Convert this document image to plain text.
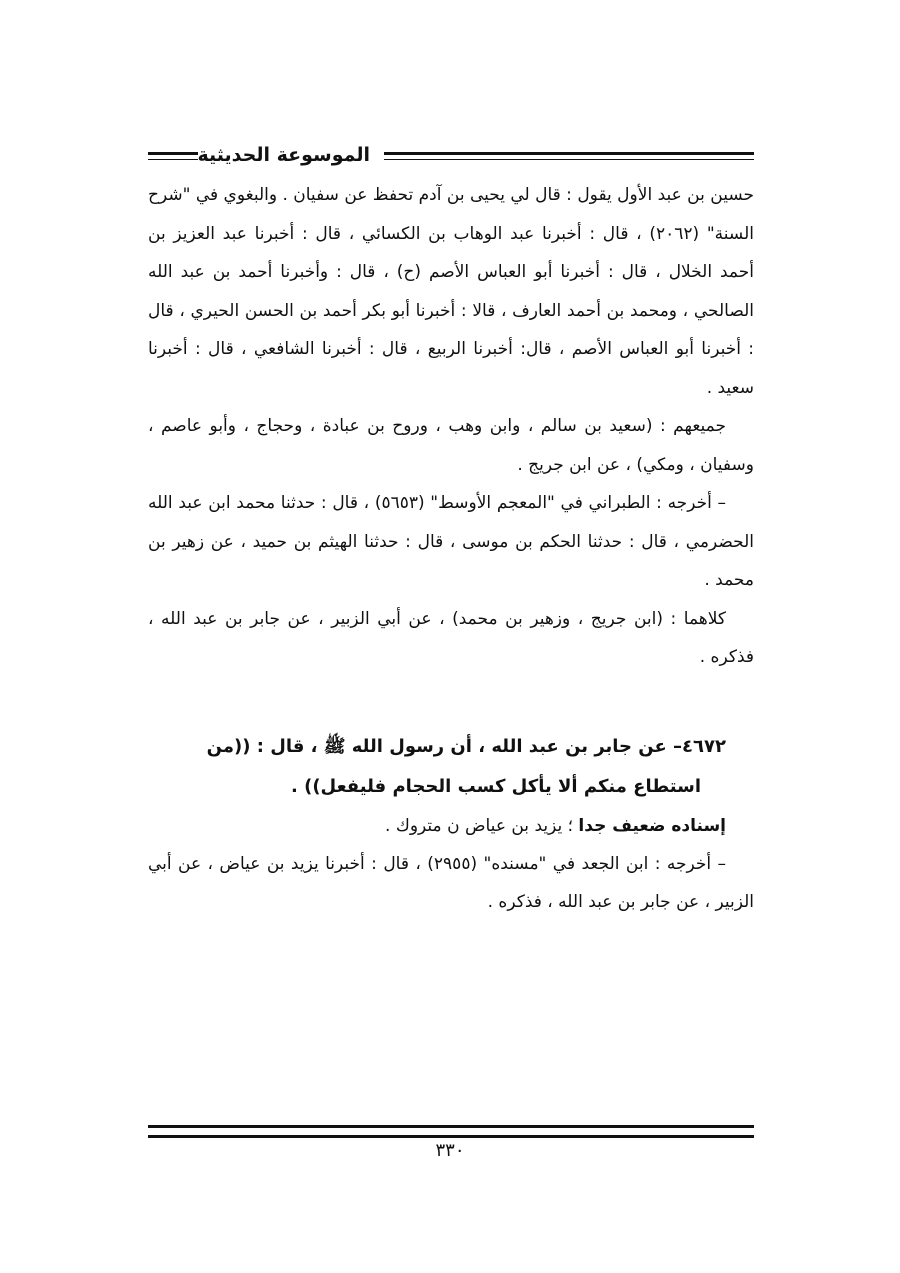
الموسوعة الحديثية

حسين بن عبد الأول يقول : قال لي يحيى بن آدم تحفظ عن سفيان . والبغوي في "شرح السنة" (٢٠٦٢) ، قال : أخبرنا عبد الوهاب بن الكسائي ، قال : أخبرنا عبد العزيز بن أحمد الخلال ، قال : أخبرنا أبو العباس الأصم (ح) ، قال : وأخبرنا أحمد بن عبد الله الصالحي ، ومحمد بن أحمد العارف ، قالا : أخبرنا أبو بكر أحمد بن الحسن الحيري ، قال : أخبرنا أبو العباس الأصم ، قال: أخبرنا الربيع ، قال : أخبرنا الشافعي ، قال : أخبرنا سعيد .

جميعهم : (سعيد بن سالم ، وابن وهب ، وروح بن عبادة ، وحجاج ، وأبو عاصم ، وسفيان ، ومكي) ، عن ابن جريج .

– أخرجه : الطبراني في "المعجم الأوسط" (٥٦٥٣) ، قال : حدثنا محمد ابن عبد الله الحضرمي ، قال : حدثنا الحكم بن موسى ، قال : حدثنا الهيثم بن حميد ، عن زهير بن محمد .

كلاهما : (ابن جريج ، وزهير بن محمد) ، عن أبي الزبير ، عن جابر بن عبد الله ، فذكره .

٤٦٧٢– عن جابر بن عبد الله ، أن رسول الله ﷺ ، قال : ((من

استطاع منكم ألا يأكل كسب الحجام فليفعل)) .

إسناده ضعيف جدا ؛ يزيد بن عياض ن متروك .

– أخرجه : ابن الجعد في "مسنده" (٢٩٥٥) ، قال : أخبرنا يزيد بن عياض ، عن أبي الزبير ، عن جابر بن عبد الله ، فذكره .

٣٣٠
